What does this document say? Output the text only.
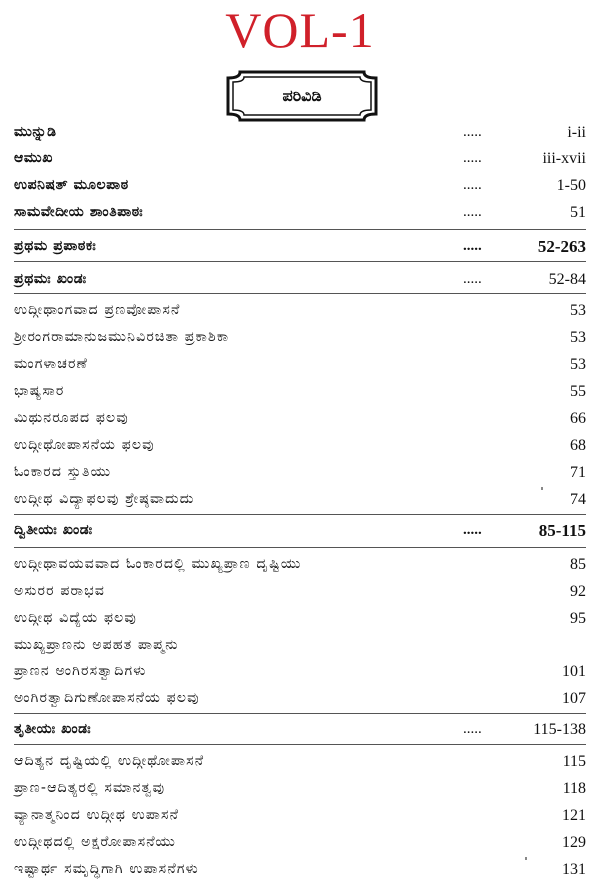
VOL-1
ಪರಿವಿಡಿ
ಮುನ್ನುಡಿ	.....	i-ii
ಆಮುಖ	.....	iii-xvii
ಉಪನಿಷತ್ ಮೂಲಪಾಠ	.....	1-50
ಸಾಮವೇದೀಯ ಶಾಂತಿಪಾಠಃ	.....	51
ಪ್ರಥಮ ಪ್ರಪಾಠಕಃ	.....	52-263
ಪ್ರಥಮಃ ಖಂಡಃ	.....	52-84
ಉದ್ಗೀಥಾಂಗವಾದ ಪ್ರಣವೋಪಾಸನೆ	53
ಶ್ರೀರಂಗರಾಮಾನುಜಮುನಿವಿರಚಿತಾ ಪ್ರಕಾಶಿಕಾ	53
ಮಂಗಳಾಚರಣೆ	53
ಭಾಷ್ಯಸಾರ	55
ಮಿಥುನರೂಪದ ಫಲವು	66
ಉದ್ಗೀಥೋಪಾಸನೆಯ ಫಲವು	68
ಓಂಕಾರದ ಸ್ತುತಿಯು	71
ಉದ್ಗೀಥ ವಿದ್ಯಾಫಲವು ಶ್ರೇಷ್ಠವಾದುದು	74
ದ್ವಿತೀಯಃ ಖಂಡಃ	.....	85-115
ಉದ್ಗೀಥಾವಯವವಾದ ಓಂಕಾರದಲ್ಲಿ ಮುಖ್ಯಪ್ರಾಣ ದೃಷ್ಟಿಯು	85
ಅಸುರರ ಪರಾಭವ	92
ಉದ್ಗೀಥ ವಿದ್ಯೆಯ ಫಲವು	95
ಮುಖ್ಯಪ್ರಾಣನು ಅಪಹತ ಪಾಪ್ಮನು
ಪ್ರಾಣನ ಅಂಗಿರಸತ್ವಾದಿಗಳು	101
ಅಂಗಿರತ್ವಾದಿಗುಣೋಪಾಸನೆಯ ಫಲವು	107
ತೃತೀಯಃ ಖಂಡಃ	.....	115-138
ಆದಿತ್ಯನ ದೃಷ್ಟಿಯಲ್ಲಿ ಉದ್ಗೀಥೋಪಾಸನೆ	115
ಪ್ರಾಣ-ಆದಿತ್ಯರಲ್ಲಿ ಸಮಾನತ್ವವು	118
ವ್ಯಾನಾತ್ಮನಿಂದ ಉದ್ಗೀಥ ಉಪಾಸನೆ	121
ಉದ್ಗೀಥದಲ್ಲಿ ಅಕ್ಷರೋಪಾಸನೆಯು	129
ಇಷ್ಟಾರ್ಥ ಸಮೃದ್ಧಿಗಾಗಿ ಉಪಾಸನೆಗಳು	131
